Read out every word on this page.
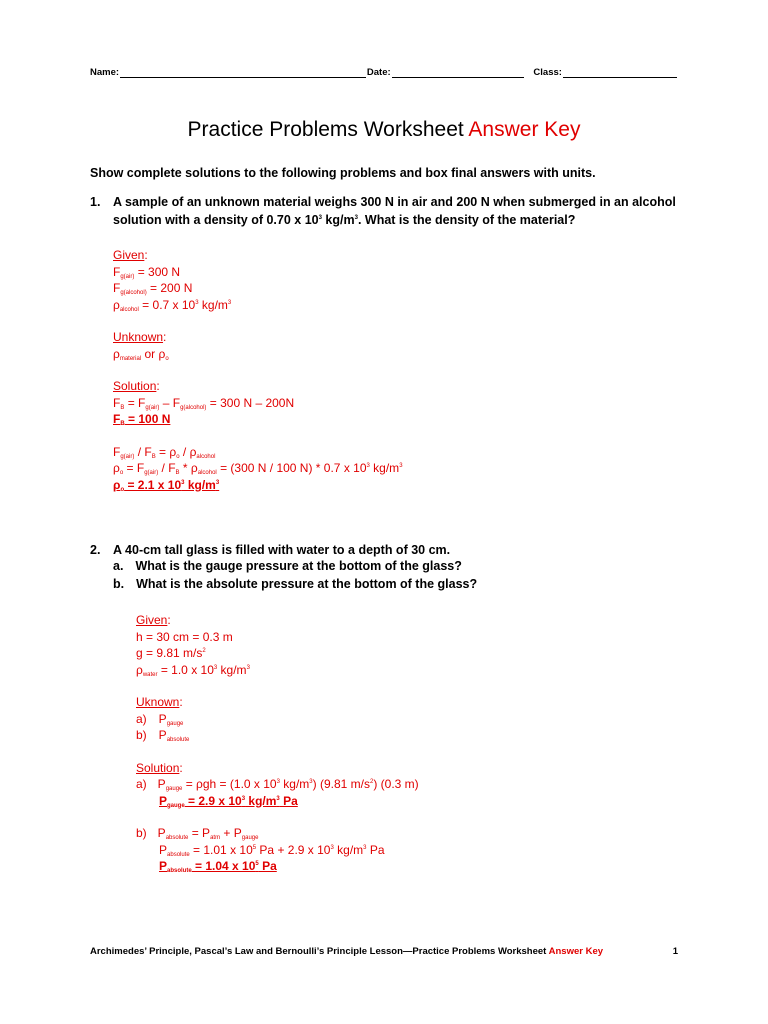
Name:	Date:	Class:
Practice Problems Worksheet Answer Key
Show complete solutions to the following problems and box final answers with units.
1. A sample of an unknown material weighs 300 N in air and 200 N when submerged in an alcohol
solution with a density of 0.70 x $10^3$ $kg/m^3$. What is the density of the material?
Given:
$F_{g(air)} = 300$ N
$F_{g(alcohol)} = 200$ N
$\rho_{alcohol} = 0.7$ x $10^3$ $kg/m^3$
Unknown:
$\rho_{material}$ or $\rho_o$
Solution:
$F_B = F_{g(air)} - F_{g(alcohol)} = 300$ N – 200N
$F_B = 100$ N
$F_{g(air)} / F_B = \rho_o / \rho_{alcohol}$
$\rho_o = F_{g(air)} / F_B * \rho_{alcohol} = (300$ N / 100 N) * 0.7 x $10^3$ $kg/m^3$
$\rho_o = 2.1$ x $10^3$ $kg/m^3$
2. A 40-cm tall glass is filled with water to a depth of 30 cm.
a. What is the gauge pressure at the bottom of the glass?
b. What is the absolute pressure at the bottom of the glass?
Given:
h = 30 cm = 0.3 m
g = 9.81 $m/s^2$
$\rho_{water} = 1.0$ x $10^3$ $kg/m^3$
Uknown:
a) $P_{gauge}$
b) $P_{absolute}$
Solution:
a) $P_{gauge} = \rho gh = (1.0$ x $10^3$ $kg/m^3$) (9.81 $m/s^2$) (0.3 m)
$P_{gauge} = 2.9$ x $10^3$ $kg/m^3$ Pa
b) $P_{absolute} = P_{atm} + P_{gauge}$
$P_{absolute} = 1.01$ x $10^5$ Pa + 2.9 x $10^3$ $kg/m^3$ Pa
$P_{absolute} = 1.04$ x $10^5$ Pa
Archimedes’ Principle, Pascal’s Law and Bernoulli’s Principle Lesson—Practice Problems Worksheet Answer Key	1
